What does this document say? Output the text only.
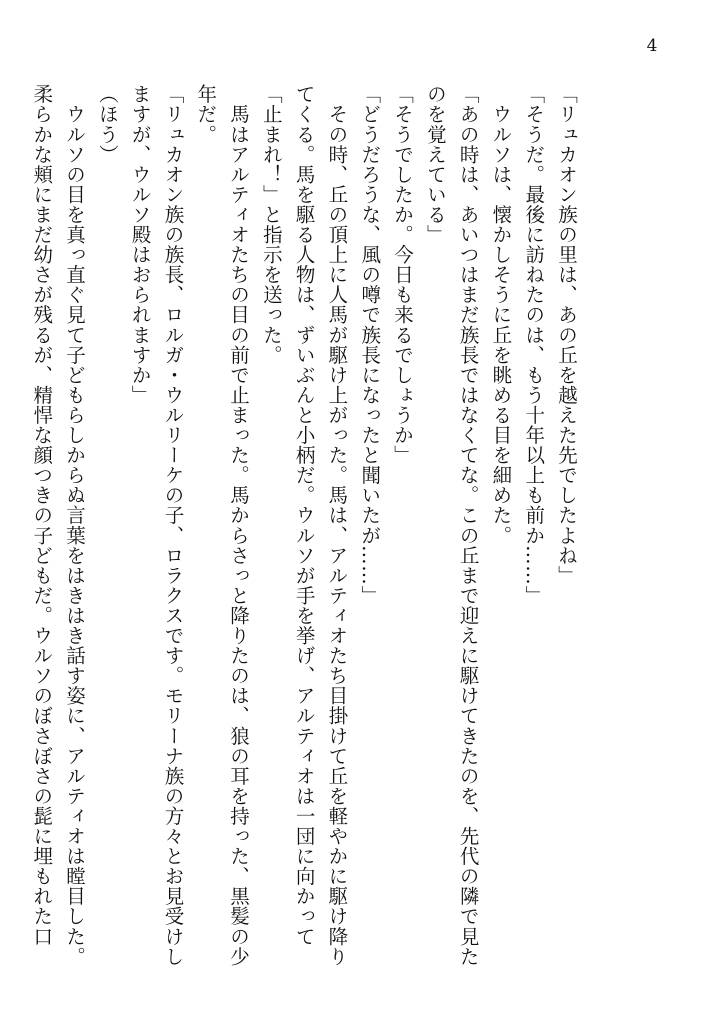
4
「リュカオン族の里は、あの丘を越えた先でしたよね」
「そうだ。最後に訪ねたのは、もう十年以上も前か……」
　ウルソは、懐かしそうに丘を眺める目を細めた。
「あの時は、あいつはまだ族長ではなくてな。この丘まで迎えに駆けてきたのを、先代の隣で見た
のを覚えている」
「そうでしたか。今日も来るでしょうか」
「どうだろうな、風の噂で族長になったと聞いたが……」
　その時、丘の頂上に人馬が駆け上がった。馬は、アルティオたち目掛けて丘を軽やかに駆け降り
てくる。馬を駆る人物は、ずいぶんと小柄だ。ウルソが手を挙げ、アルティオは一団に向かって
「止まれ！」と指示を送った。
　馬はアルティオたちの目の前で止まった。馬からさっと降りたのは、狼の耳を持った、黒髪の少
年だ。
「リュカオン族の族長、ロルガ・ウルリーケの子、ロラクスです。モリーナ族の方々とお見受けし
ますが、ウルソ殿はおられますか」
（ほう）
　ウルソの目を真っ直ぐ見て子どもらしからぬ言葉をはきはき話す姿に、アルティオは瞠目した。
柔らかな頬にまだ幼さが残るが、精悍な顔つきの子どもだ。ウルソのぼさぼさの髭に埋もれた口
